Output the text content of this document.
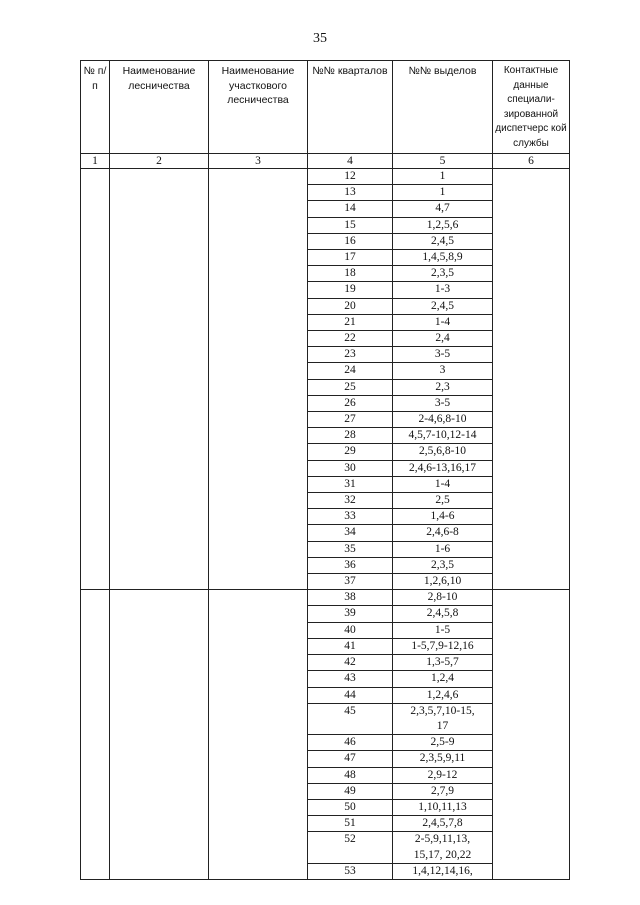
35
№ п/п	Наименование лесничества	Наименование участкового лесничества	№№ кварталов	№№ выделов	Контактные данные специали-зированной диспетчерс кой службы
1	2	3	4	5	6
			12	1	
			13	1	
			14	4,7	
			15	1,2,5,6	
			16	2,4,5	
			17	1,4,5,8,9	
			18	2,3,5	
			19	1-3	
			20	2,4,5	
			21	1-4	
			22	2,4	
			23	3-5	
			24	3	
			25	2,3	
			26	3-5	
			27	2-4,6,8-10	
			28	4,5,7-10,12-14	
			29	2,5,6,8-10	
			30	2,4,6-13,16,17	
			31	1-4	
			32	2,5	
			33	1,4-6	
			34	2,4,6-8	
			35	1-6	
			36	2,3,5	
			37	1,2,6,10	
			38	2,8-10	
			39	2,4,5,8	
			40	1-5	
			41	1-5,7,9-12,16	
			42	1,3-5,7	
			43	1,2,4	
			44	1,2,4,6	
			45	2,3,5,7,10-15,
17	
			46	2,5-9	
			47	2,3,5,9,11	
			48	2,9-12	
			49	2,7,9	
			50	1,10,11,13	
			51	2,4,5,7,8	
			52	2-5,9,11,13,
15,17, 20,22	
			53	1,4,12,14,16,	
